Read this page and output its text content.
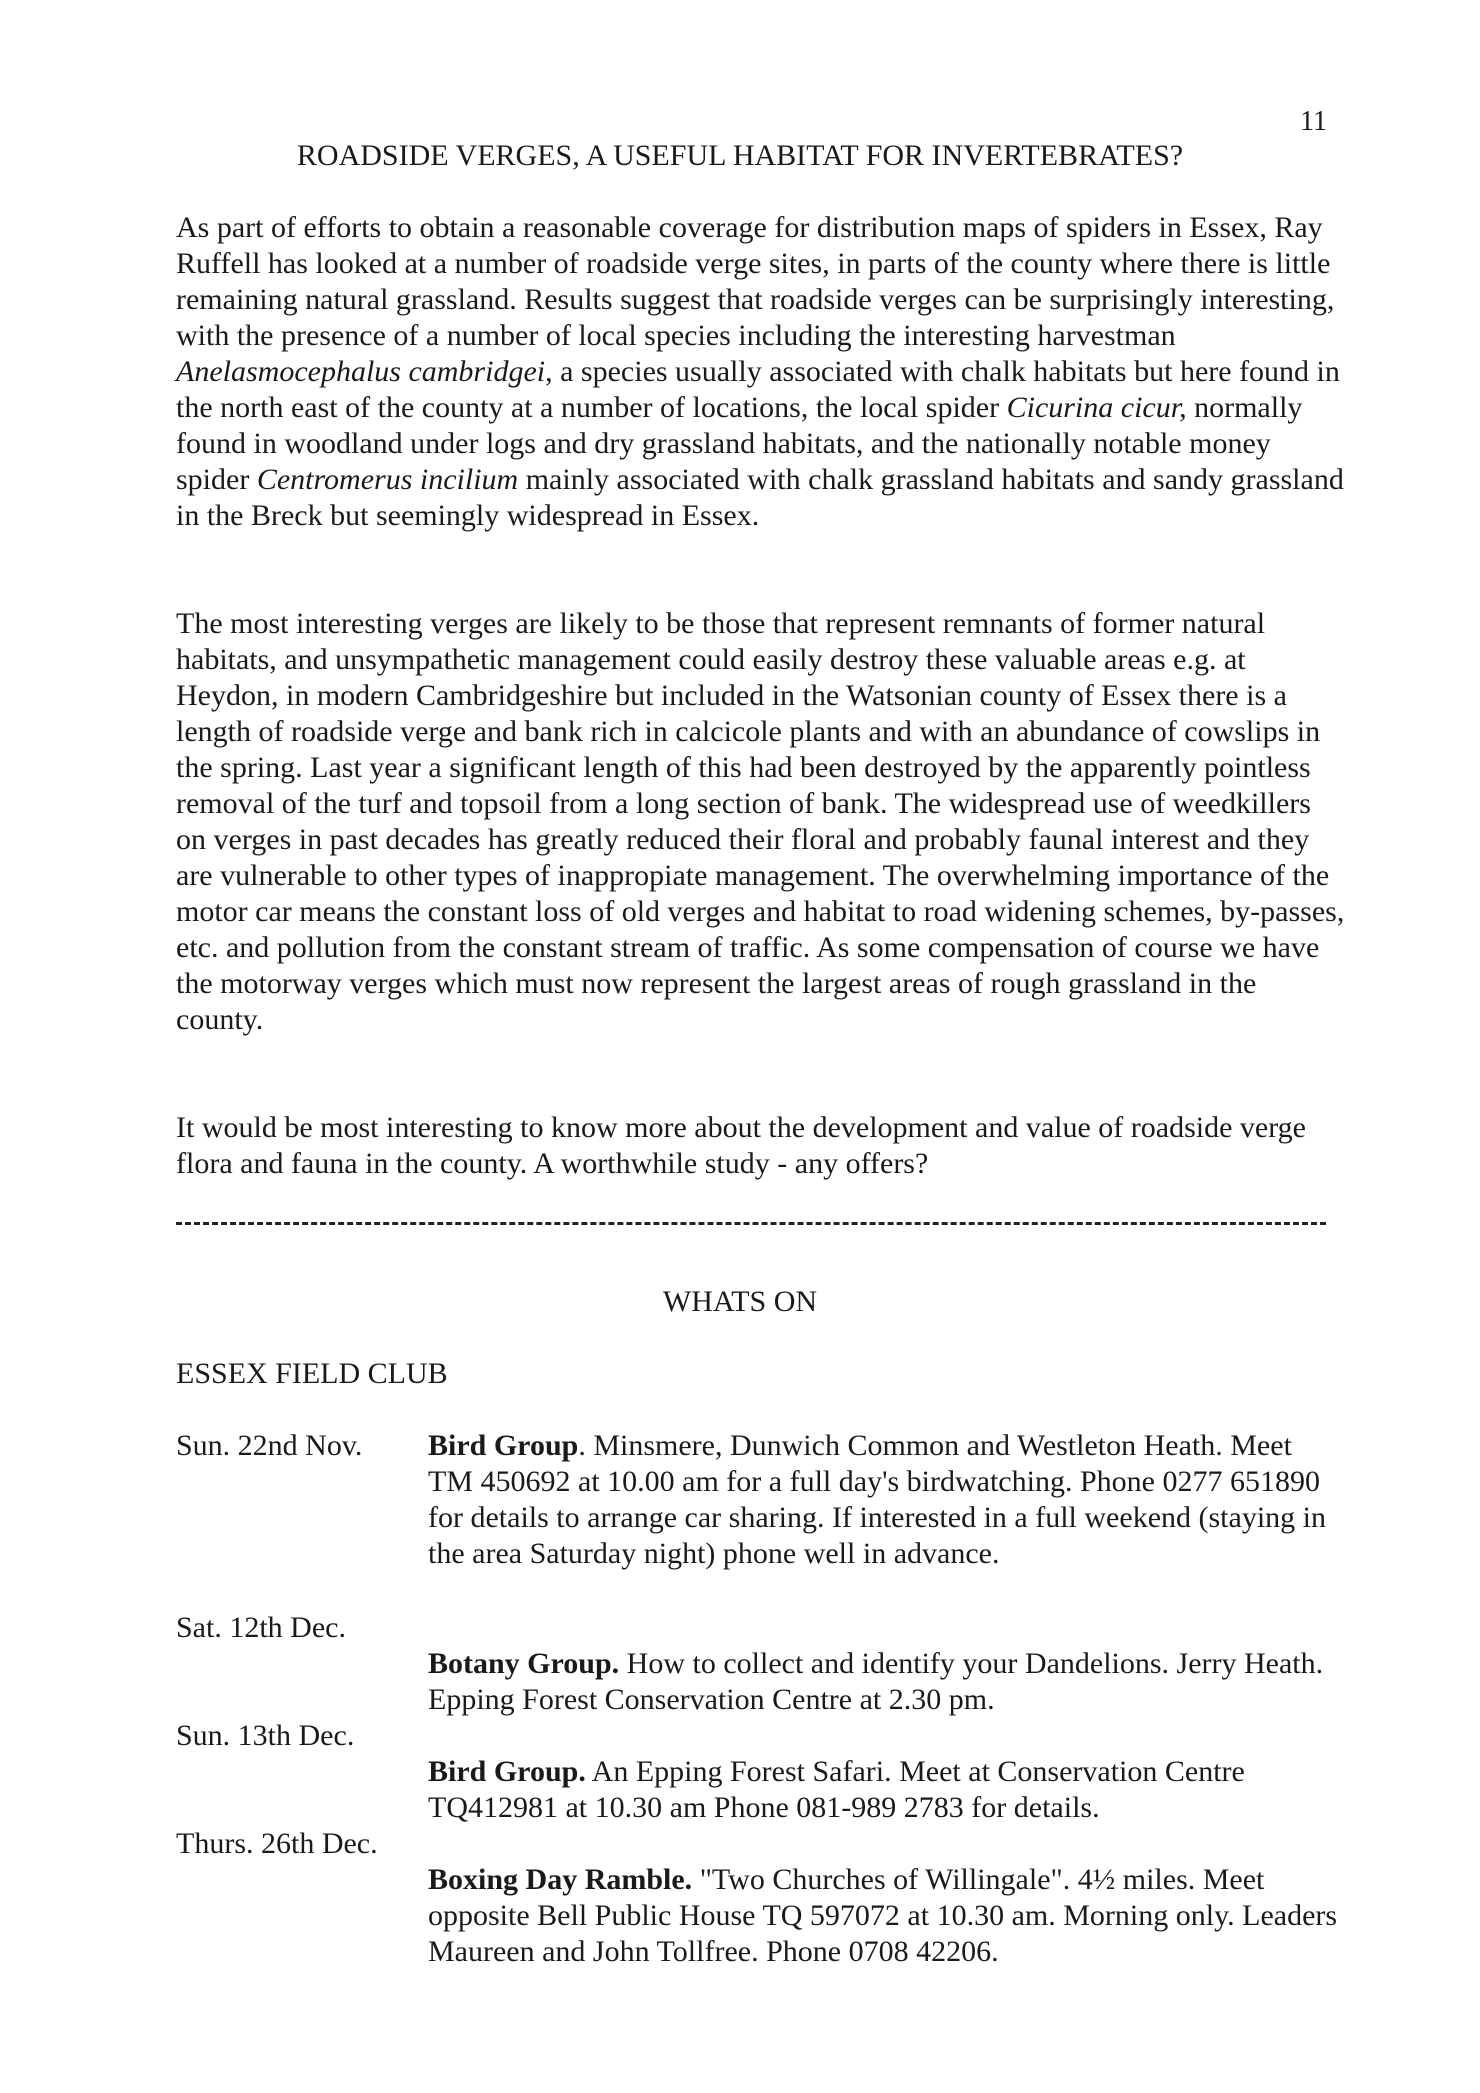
11
ROADSIDE VERGES, A USEFUL HABITAT FOR INVERTEBRATES?

As part of efforts to obtain a reasonable coverage for distribution maps of spiders in Essex, Ray Ruffell has looked at a number of roadside verge sites, in parts of the county where there is little remaining natural grassland. Results suggest that roadside verges can be surprisingly interesting, with the presence of a number of local species including the interesting harvestman Anelasmocephalus cambridgei, a species usually associated with chalk habitats but here found in the north east of the county at a number of locations, the local spider Cicurina cicur, normally found in woodland under logs and dry grassland habitats, and the nationally notable money spider Centromerus incilium mainly associated with chalk grassland habitats and sandy grassland in the Breck but seemingly widespread in Essex.

The most interesting verges are likely to be those that represent remnants of former natural habitats, and unsympathetic management could easily destroy these valuable areas e.g. at Heydon, in modern Cambridgeshire but included in the Watsonian county of Essex there is a length of roadside verge and bank rich in calcicole plants and with an abundance of cowslips in the spring. Last year a significant length of this had been destroyed by the apparently pointless removal of the turf and topsoil from a long section of bank. The widespread use of weedkillers on verges in past decades has greatly reduced their floral and probably faunal interest and they are vulnerable to other types of inappropiate management. The overwhelming importance of the motor car means the constant loss of old verges and habitat to road widening schemes, by-passes, etc. and pollution from the constant stream of traffic. As some compensation of course we have the motorway verges which must now represent the largest areas of rough grassland in the county.

It would be most interesting to know more about the development and value of roadside verge flora and fauna in the county. A worthwhile study - any offers?

WHATS ON
ESSEX FIELD CLUB
Sun. 22nd Nov.
Sat. 12th Dec.
Sun. 13th Dec.
Thurs. 26th Dec.

Bird Group. Minsmere, Dunwich Common and Westleton Heath. Meet
TM 450692 at 10.00 am for a full day's birdwatching. Phone 0277 651890 for details to arrange car sharing. If interested in a full weekend (staying in the area Saturday night) phone well in advance.

Botany Group. How to collect and identify your Dandelions. Jerry Heath. Epping Forest Conservation Centre at 2.30 pm.

Bird Group. An Epping Forest Safari. Meet at Conservation Centre TQ412981 at 10.30 am Phone 081-989 2783 for details.

Boxing Day Ramble. "Two Churches of Willingale". 4½ miles. Meet opposite Bell Public House TQ 597072 at 10.30 am. Morning only. Leaders Maureen and John Tollfree. Phone 0708 42206.
